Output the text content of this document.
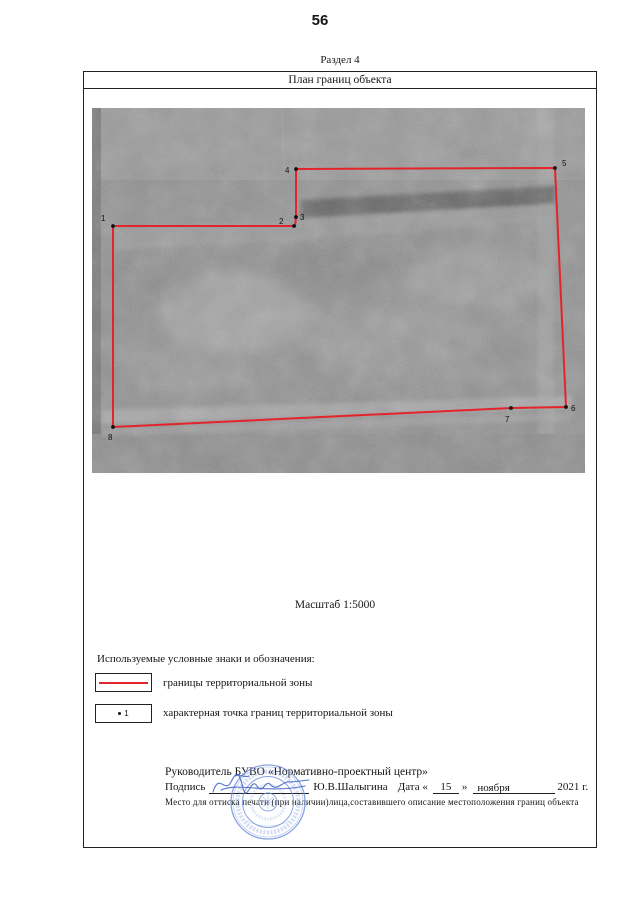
56
Раздел 4
План границ объекта
1	2 3
4
5
6
7
8
Масштаб 1:5000
Используемые условные знаки и обозначения:
границы территориальной зоны
1	характерная точка границ территориальной зоны
Руководитель БУВО «Нормативно-проектный центр»
Подпись	Ю.В.Шалыгина Дата «	15 » ноября	2021 г.
Место для оттиска печати (при наличии)лица,составившего описание местоположения границ объекта
